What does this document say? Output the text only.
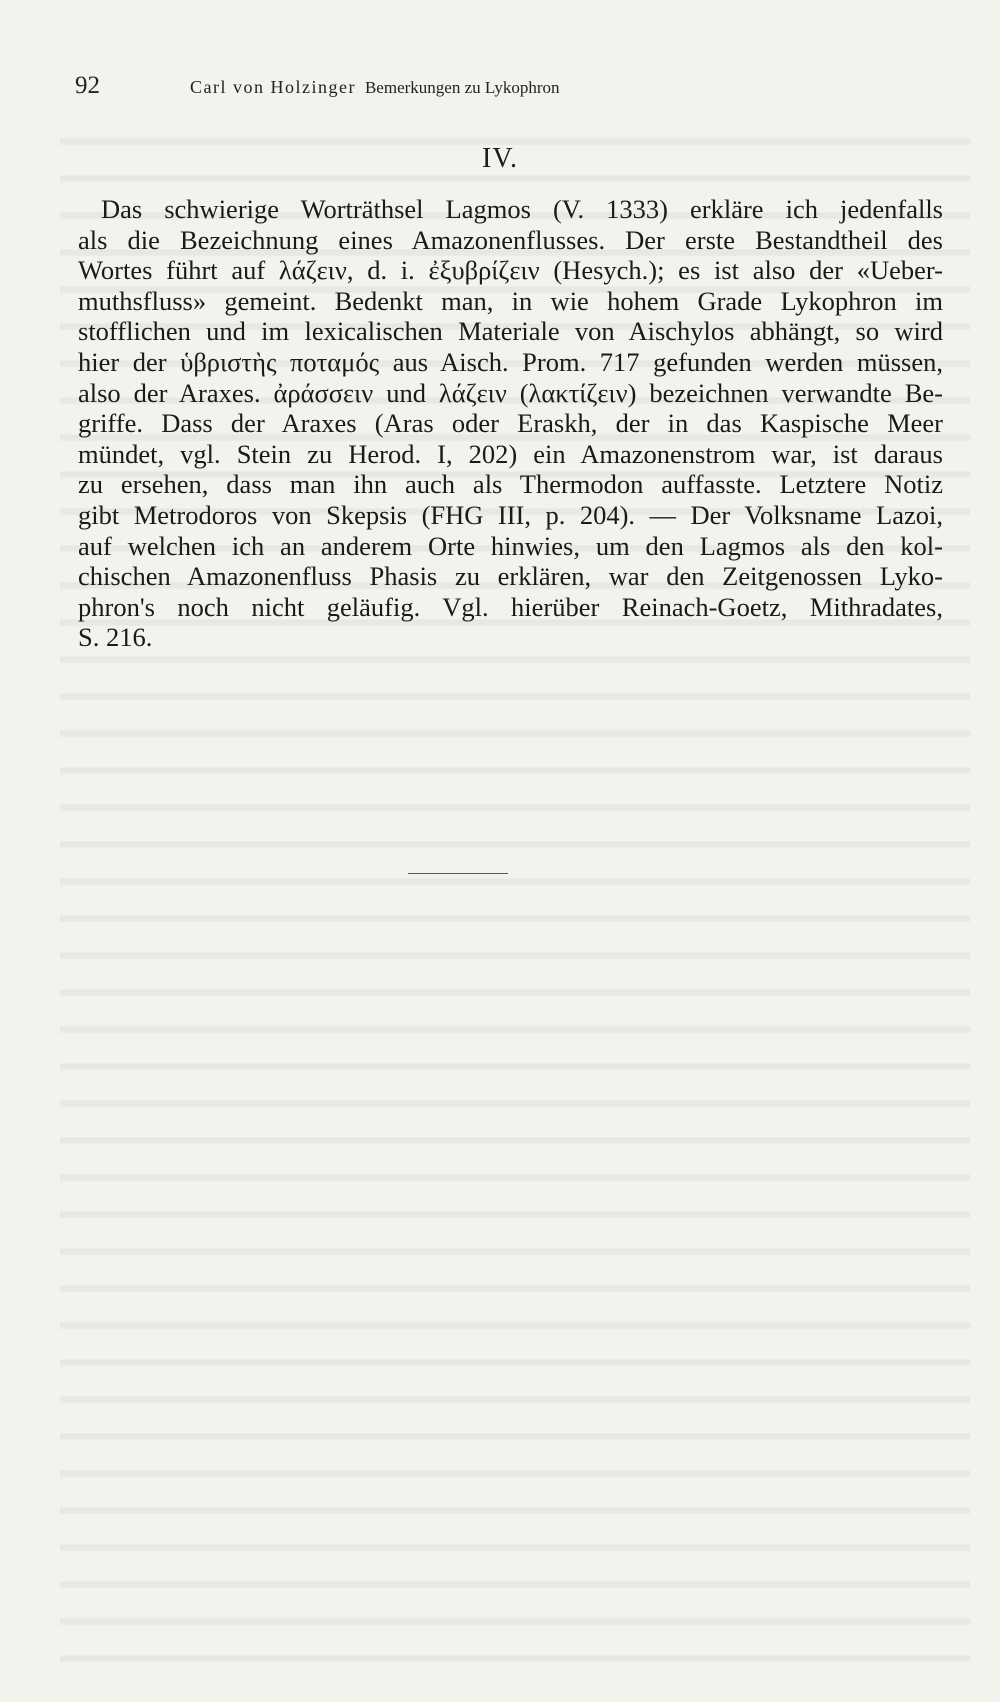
92	Carl von Holzinger Bemerkungen zu Lykophron
IV.
Das schwierige Worträthsel Lagmos (V. 1333) erkläre ich jedenfalls
als die Bezeichnung eines Amazonenflusses. Der erste Bestandtheil des
Wortes führt auf λάζειν, d. i. ἐξυβρίζειν (Hesych.); es ist also der «Ueber-
muthsfluss» gemeint. Bedenkt man, in wie hohem Grade Lykophron im
stofflichen und im lexicalischen Materiale von Aischylos abhängt, so wird
hier der ὑβριστὴς ποταμός aus Aisch. Prom. 717 gefunden werden müssen,
also der Araxes. ἀράσσειν und λάζειν (λακτίζειν) bezeichnen verwandte Be-
griffe. Dass der Araxes (Aras oder Eraskh, der in das Kaspische Meer
mündet, vgl. Stein zu Herod. I, 202) ein Amazonenstrom war, ist daraus
zu ersehen, dass man ihn auch als Thermodon auffasste. Letztere Notiz
gibt Metrodoros von Skepsis (FHG III, p. 204). — Der Volksname Lazoi,
auf welchen ich an anderem Orte hinwies, um den Lagmos als den kol-
chischen Amazonenfluss Phasis zu erklären, war den Zeitgenossen Lyko-
phron's noch nicht geläufig. Vgl. hierüber Reinach-Goetz, Mithradates,
S. 216.
